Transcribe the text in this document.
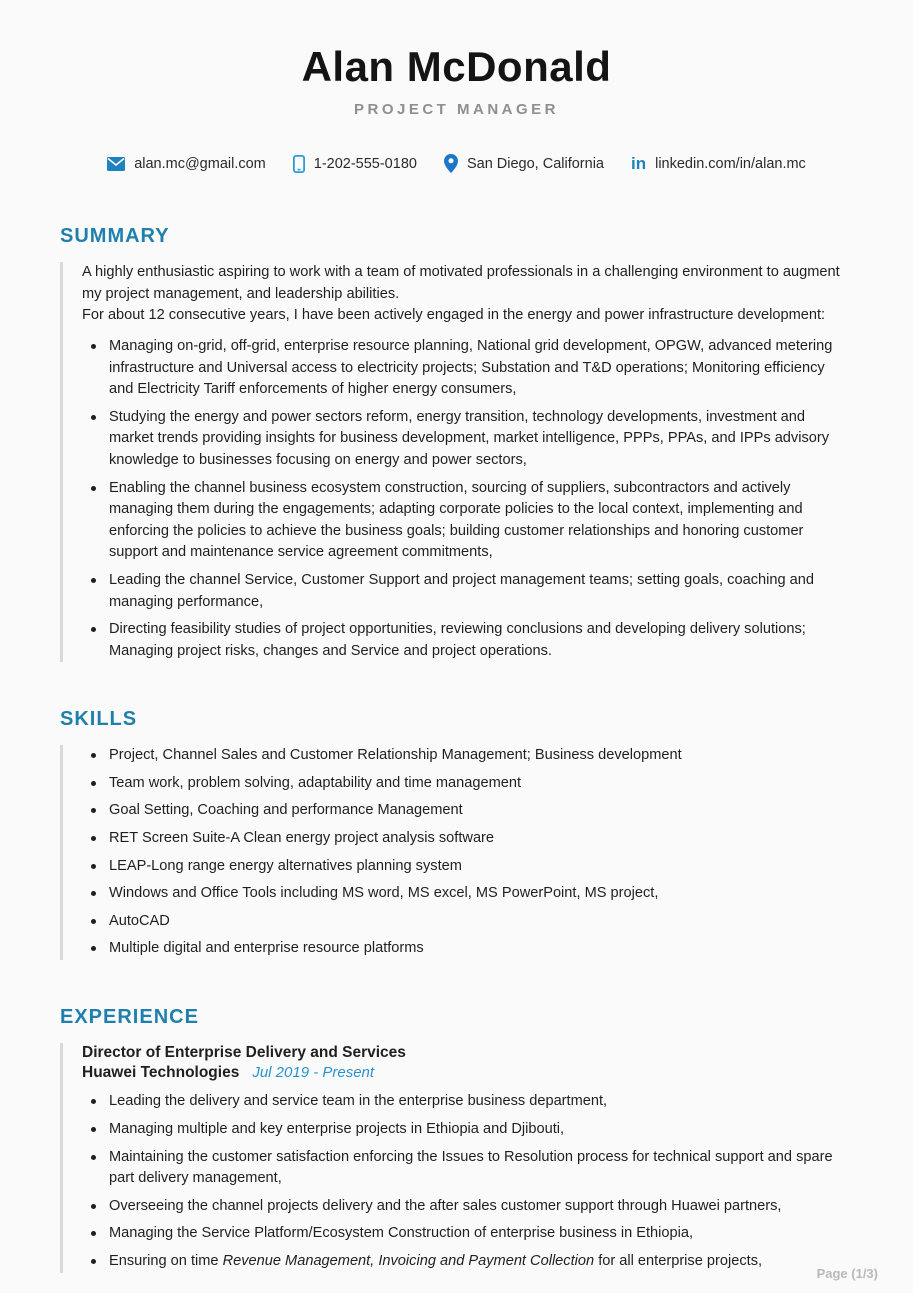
Alan McDonald
PROJECT MANAGER
alan.mc@gmail.com	1-202-555-0180	San Diego, California in linkedin.com/in/alan.mc
SUMMARY

A highly enthusiastic aspiring to work with a team of motivated professionals in a challenging environment to augment my project management, and leadership abilities.

For about 12 consecutive years, I have been actively engaged in the energy and power infrastructure development:

Managing on-grid, off-grid, enterprise resource planning, National grid development, OPGW, advanced metering infrastructure and Universal access to electricity projects; Substation and T&D operations; Monitoring efficiency and Electricity Tariff enforcements of higher energy consumers,
Studying the energy and power sectors reform, energy transition, technology developments, investment and market trends providing insights for business development, market intelligence, PPPs, PPAs, and IPPs advisory knowledge to businesses focusing on energy and power sectors,
Enabling the channel business ecosystem construction, sourcing of suppliers, subcontractors and actively managing them during the engagements; adapting corporate policies to the local context, implementing and enforcing the policies to achieve the business goals; building customer relationships and honoring customer support and maintenance service agreement commitments,
Leading the channel Service, Customer Support and project management teams; setting goals, coaching and managing performance,
Directing feasibility studies of project opportunities, reviewing conclusions and developing delivery solutions; Managing project risks, changes and Service and project operations.
SKILLS
Project, Channel Sales and Customer Relationship Management; Business development
Team work, problem solving, adaptability and time management
Goal Setting, Coaching and performance Management
RET Screen Suite-A Clean energy project analysis software
LEAP-Long range energy alternatives planning system
Windows and Office Tools including MS word, MS excel, MS PowerPoint, MS project,
AutoCAD
Multiple digital and enterprise resource platforms
EXPERIENCE
Director of Enterprise Delivery and Services
Huawei Technologies Jul 2019 - Present
Leading the delivery and service team in the enterprise business department,
Managing multiple and key enterprise projects in Ethiopia and Djibouti,
Maintaining the customer satisfaction enforcing the Issues to Resolution process for technical support and spare part delivery management,
Overseeing the channel projects delivery and the after sales customer support through Huawei partners,
Managing the Service Platform/Ecosystem Construction of enterprise business in Ethiopia,
Ensuring on time Revenue Management, Invoicing and Payment Collection for all enterprise projects,
Page (1/3)
